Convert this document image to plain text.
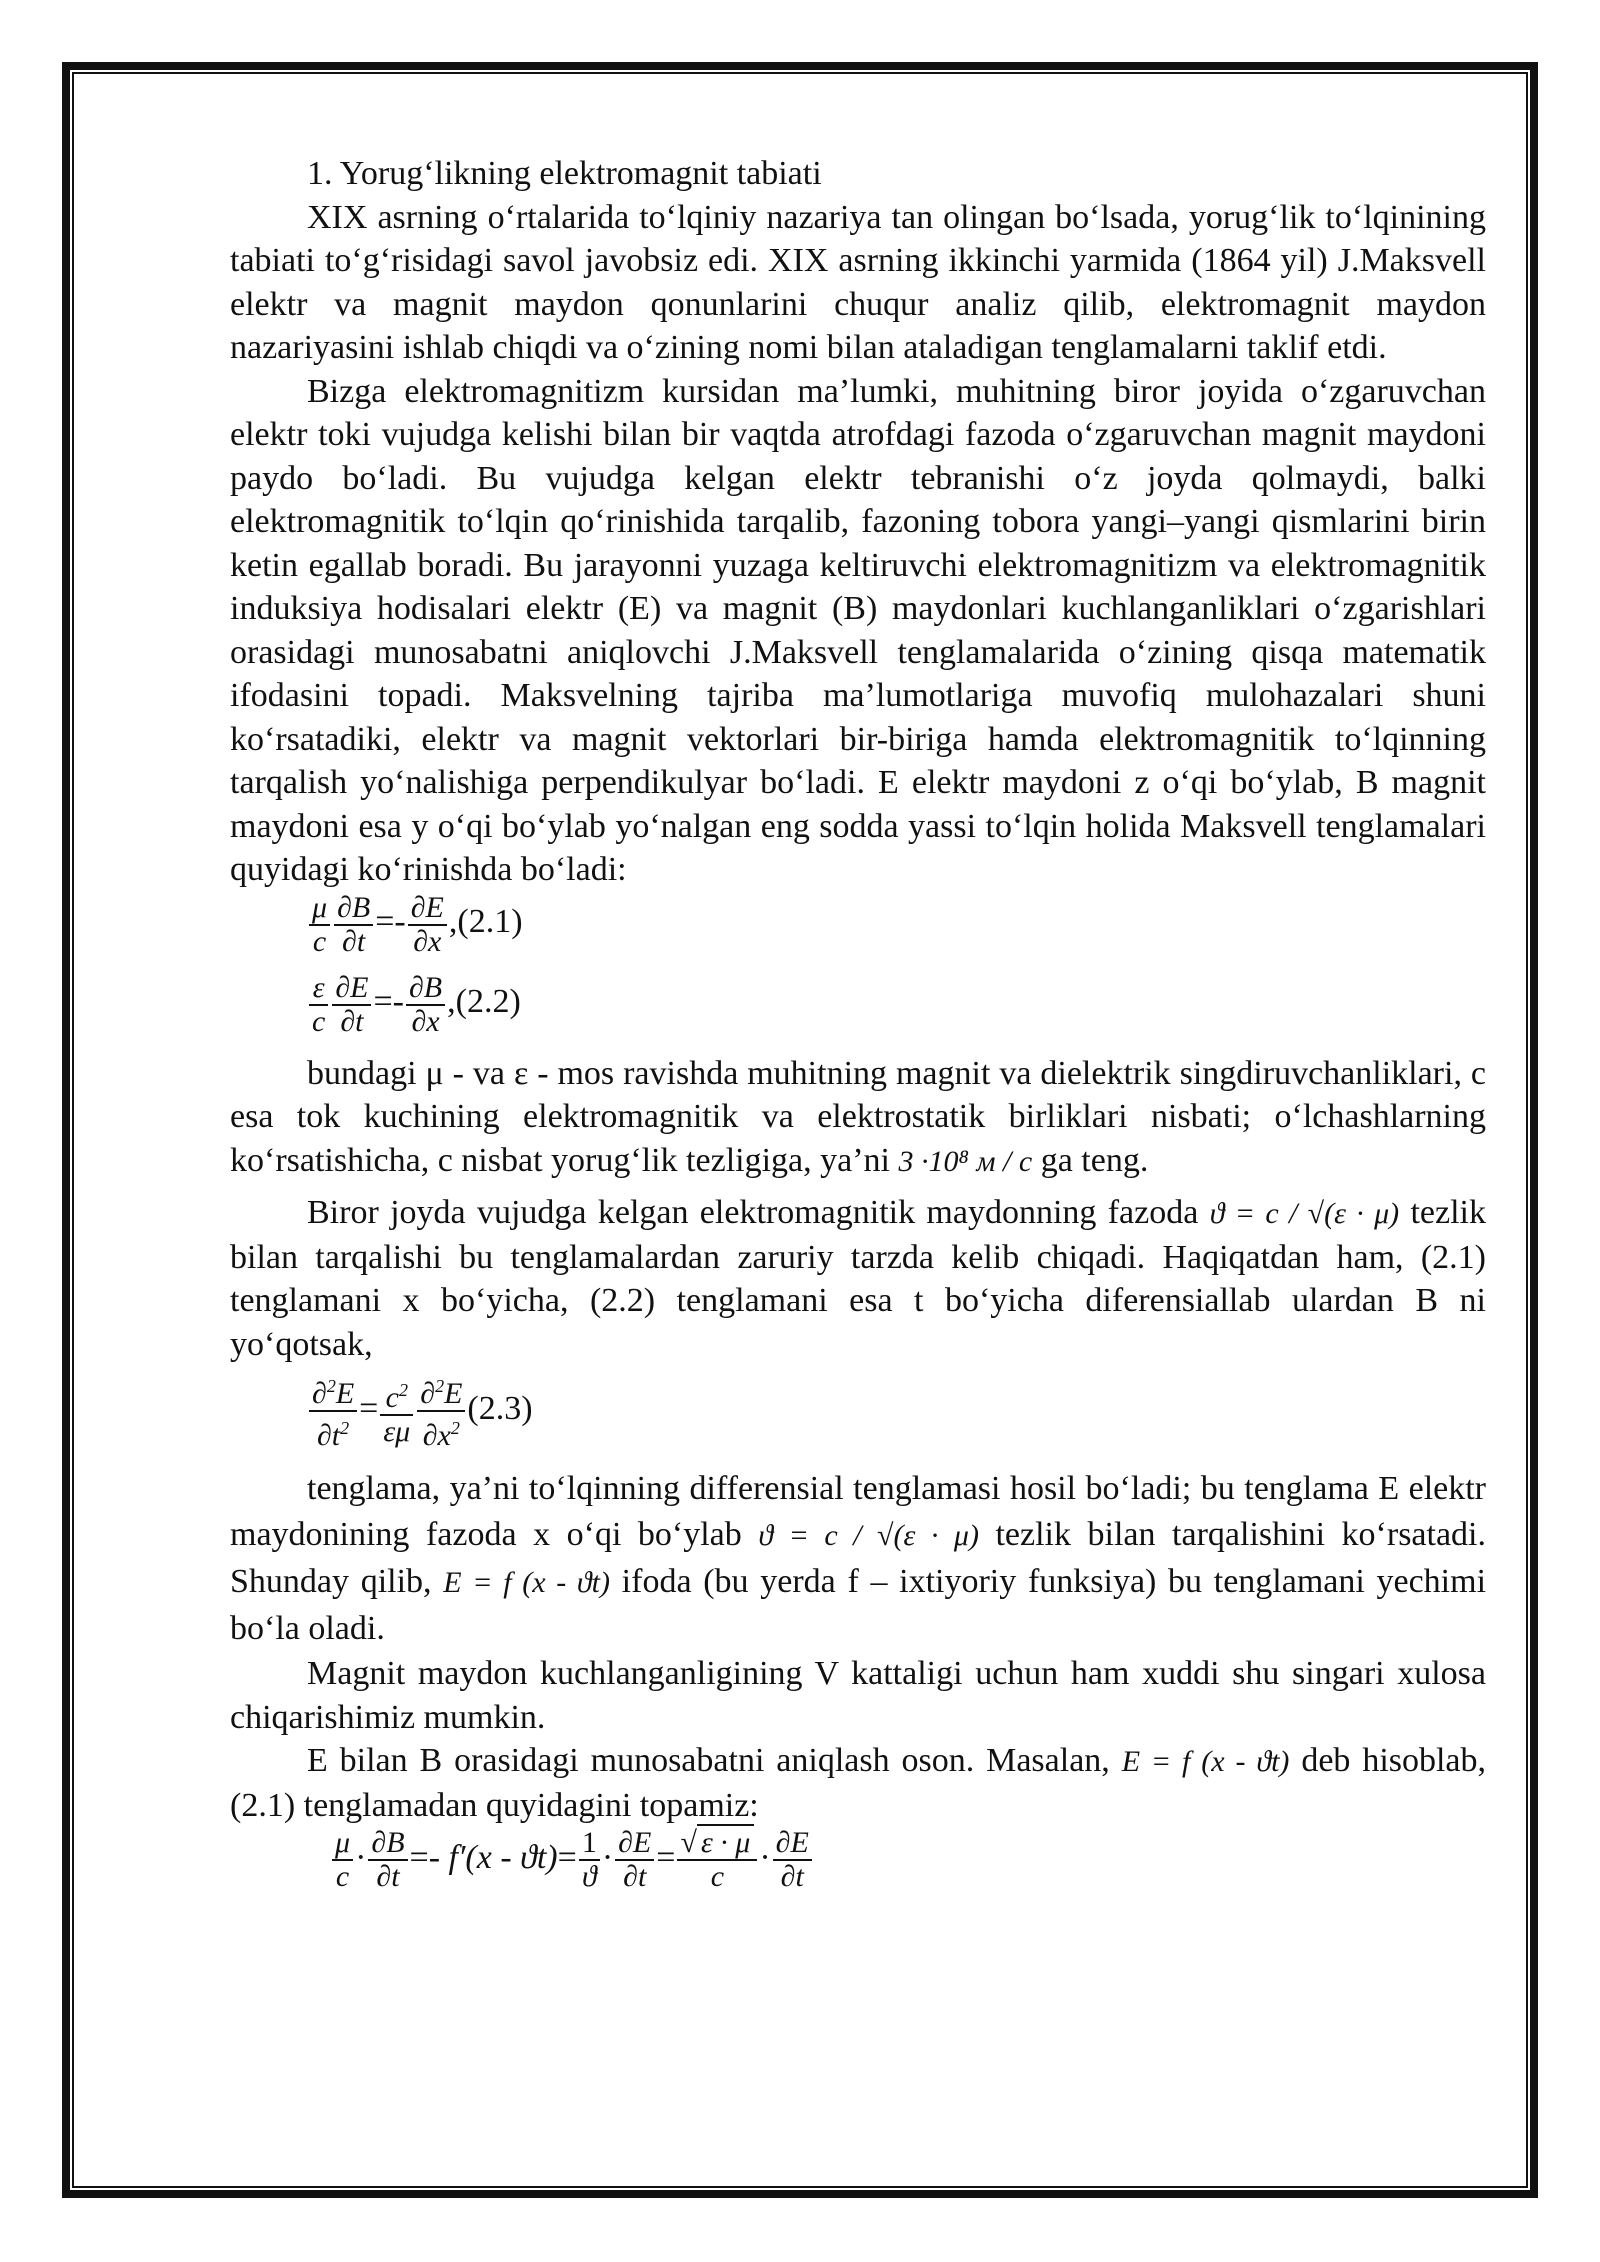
1. Yorug‘likning elektromagnit tabiati

XIX asrning o‘rtalarida to‘lqiniy nazariya tan olingan bo‘lsada, yorug‘lik to‘lqinining tabiati to‘g‘risidagi savol javobsiz edi. XIX asrning ikkinchi yarmida (1864 yil) J.Maksvell elektr va magnit maydon qonunlarini chuqur analiz qilib, elektromagnit maydon nazariyasini ishlab chiqdi va o‘zining nomi bilan ataladigan tenglamalarni taklif etdi.

Bizga elektromagnitizm kursidan ma’lumki, muhitning biror joyida o‘zgaruvchan elektr toki vujudga kelishi bilan bir vaqtda atrofdagi fazoda o‘zgaruvchan magnit maydoni paydo bo‘ladi. Bu vujudga kelgan elektr tebranishi o‘z joyda qolmaydi, balki elektromagnitik to‘lqin qo‘rinishida tarqalib, fazoning tobora yangi–yangi qismlarini birin ketin egallab boradi. Bu jarayonni yuzaga keltiruvchi elektromagnitizm va elektromagnitik induksiya hodisalari elektr (E) va magnit (B) maydonlari kuchlanganliklari o‘zgarishlari orasidagi munosabatni aniqlovchi J.Maksvell tenglamalarida o‘zining qisqa matematik ifodasini topadi. Maksvelning tajriba ma’lumotlariga muvofiq mulohazalari shuni ko‘rsatadiki, elektr va magnit vektorlari bir-biriga hamda elektromagnitik to‘lqinning tarqalish yo‘nalishiga perpendikulyar bo‘ladi. E elektr maydoni z o‘qi bo‘ylab, B magnit maydoni esa y o‘qi bo‘ylab yo‘nalgan eng sodda yassi to‘lqin holida Maksvell tenglamalari quyidagi ko‘rinishda bo‘ladi:

$\frac{\mu}{c} \frac{\partial B}{\partial t} =- \frac{\partial E}{\partial x} ,(2.1)$
$\frac{\varepsilon}{c} \frac{\partial E}{\partial t} =- \frac{\partial B}{\partial x} ,(2.2)$

bundagi μ - va ε - mos ravishda muhitning magnit va dielektrik singdiruvchanliklari, c esa tok kuchining elektromagnitik va elektrostatik birliklari nisbati; o‘lchashlarning ko‘rsatishicha, c nisbat yorug‘lik tezligiga, ya’ni 3 ·10⁸ м / c ga teng.

Biror joyda vujudga kelgan elektromagnitik maydonning fazoda ϑ = c / √(ε · μ) tezlik bilan tarqalishi bu tenglamalardan zaruriy tarzda kelib chiqadi. Haqiqatdan ham, (2.1) tenglamani x bo‘yicha, (2.2) tenglamani esa t bo‘yicha diferensiallab ulardan B ni yo‘qotsak,

$\frac{\partial^2E}{\partial t^2} = \frac{c^2}{\varepsilon\mu} \frac{\partial^2E}{\partial x^2} (2.3)$

tenglama, ya’ni to‘lqinning differensial tenglamasi hosil bo‘ladi; bu tenglama E elektr maydonining fazoda x o‘qi bo‘ylab ϑ = c / √(ε · μ) tezlik bilan tarqalishini ko‘rsatadi. Shunday qilib, E = f (x - ϑt) ifoda (bu yerda f – ixtiyoriy funksiya) bu tenglamani yechimi bo‘la oladi.

Magnit maydon kuchlanganligining V kattaligi uchun ham xuddi shu singari xulosa chiqarishimiz mumkin.

E bilan B orasidagi munosabatni aniqlash oson. Masalan, E = f (x - ϑt) deb hisoblab, (2.1) tenglamadan quyidagini topamiz:

$\frac{\mu}{c} \cdot \frac{\partial B}{\partial t} =- f'(x - ϑt)= \frac{1}{ϑ} \cdot \frac{\partial E}{\partial t} = \frac{√ \varepsilon \cdot \mu}{c} \cdot \frac{\partial E}{\partial t}$
